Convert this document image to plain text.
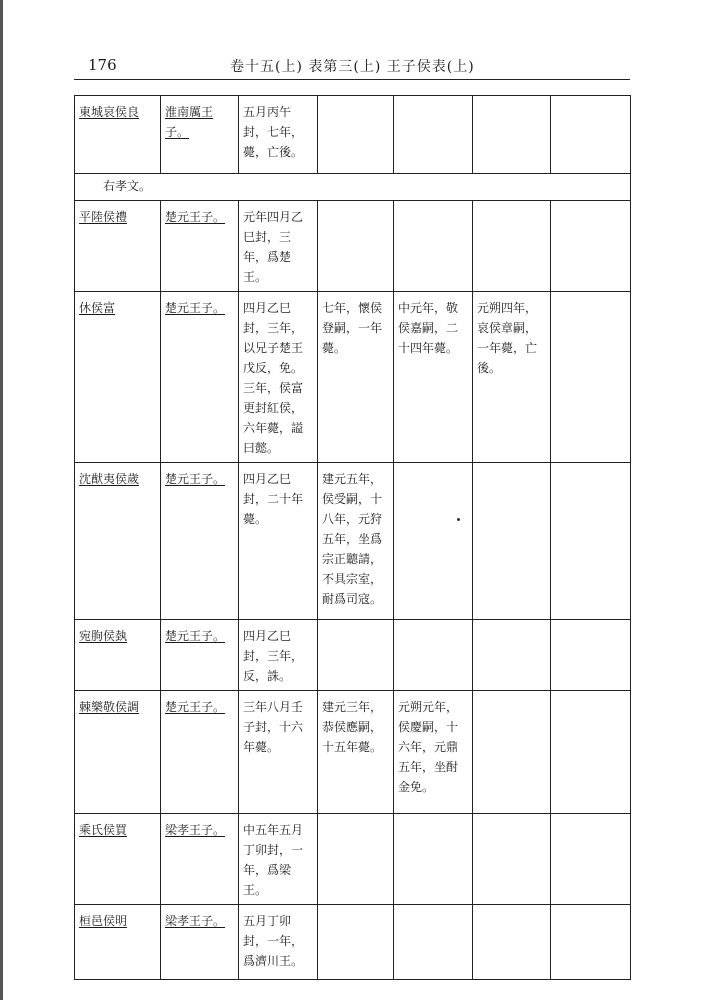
176	卷十五(上) 表第三(上) 王子侯表(上)
東城哀侯良	淮南厲王子。	五月丙午封，七年，薨，亡後。				
右孝文。						
平陸侯禮	楚元王子。	元年四月乙巳封，三年，爲楚王。				
休侯富	楚元王子。	四月乙巳封，三年，以兄子楚王戊反，免。三年，侯富更封紅侯，六年薨，謚曰懿。	七年，懷侯登嗣，一年薨。	中元年，敬侯嘉嗣，二十四年薨。	元朔四年，哀侯章嗣，一年薨，亡後。	
沈猷夷侯歲	楚元王子。	四月乙巳封，二十年薨。	建元五年，侯受嗣，十八年，元狩五年，坐爲宗正聽請，不具宗室，耐爲司寇。			
宛朐侯埶	楚元王子。	四月乙巳封，三年，反，誅。				
棘樂敬侯調	楚元王子。	三年八月壬子封，十六年薨。	建元三年，恭侯應嗣，十五年薨。	元朔元年，侯慶嗣，十六年，元鼎五年，坐酎金免。		
乘氏侯買	梁孝王子。	中五年五月丁卯封，一年，爲梁王。				
桓邑侯明	梁孝王子。	五月丁卯封，一年，爲濟川王。				
